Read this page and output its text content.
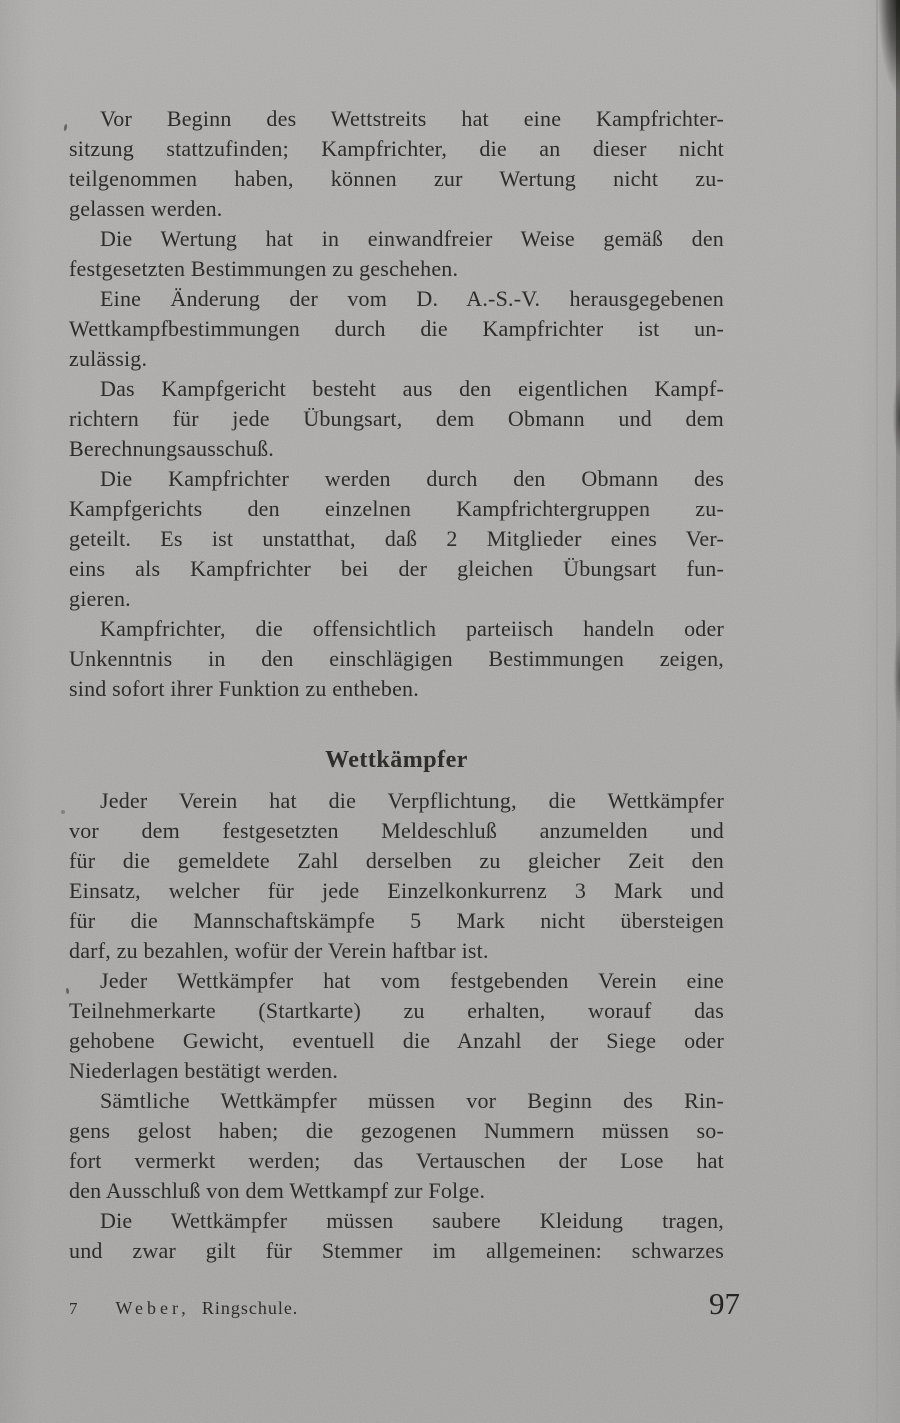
Vor Beginn des Wettstreits hat eine Kampfrichter-
sitzung stattzufinden; Kampfrichter, die an dieser nicht
teilgenommen haben, können zur Wertung nicht zu-
gelassen werden.
Die Wertung hat in einwandfreier Weise gemäß den
festgesetzten Bestimmungen zu geschehen.
Eine Änderung der vom D. A.-S.-V. herausgegebenen
Wettkampfbestimmungen durch die Kampfrichter ist un-
zulässig.
Das Kampfgericht besteht aus den eigentlichen Kampf-
richtern für jede Übungsart, dem Obmann und dem
Berechnungsausschuß.
Die Kampfrichter werden durch den Obmann des
Kampfgerichts den einzelnen Kampfrichtergruppen zu-
geteilt. Es ist unstatthat, daß 2 Mitglieder eines Ver-
eins als Kampfrichter bei der gleichen Übungsart fun-
gieren.
Kampfrichter, die offensichtlich parteiisch handeln oder
Unkenntnis in den einschlägigen Bestimmungen zeigen,
sind sofort ihrer Funktion zu entheben.
Wettkämpfer
Jeder Verein hat die Verpflichtung, die Wettkämpfer
vor dem festgesetzten Meldeschluß anzumelden und
für die gemeldete Zahl derselben zu gleicher Zeit den
Einsatz, welcher für jede Einzelkonkurrenz 3 Mark und
für die Mannschaftskämpfe 5 Mark nicht übersteigen
darf, zu bezahlen, wofür der Verein haftbar ist.
Jeder Wettkämpfer hat vom festgebenden Verein eine
Teilnehmerkarte (Startkarte) zu erhalten, worauf das
gehobene Gewicht, eventuell die Anzahl der Siege oder
Niederlagen bestätigt werden.
Sämtliche Wettkämpfer müssen vor Beginn des Rin-
gens gelost haben; die gezogenen Nummern müssen so-
fort vermerkt werden; das Vertauschen der Lose hat
den Ausschluß von dem Wettkampf zur Folge.
Die Wettkämpfer müssen saubere Kleidung tragen,
und zwar gilt für Stemmer im allgemeinen: schwarzes
7 Weber, Ringschule.	97
